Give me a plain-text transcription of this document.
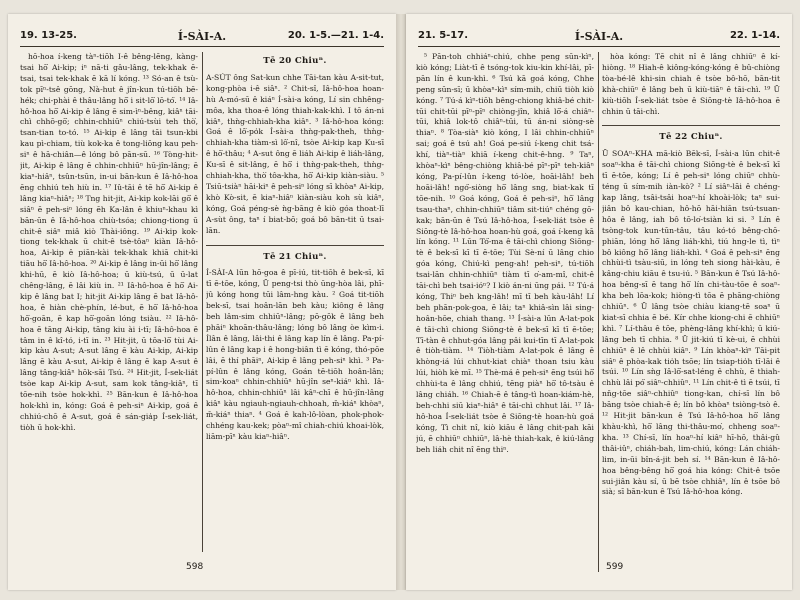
19. 13-25.	Í-SÀI-A.	20. 1-5.—21. 1-4.

hō-hoa í-keng tàⁿ-tiōh I-ê bêng-lēng, kàng-tsai hō͘ Ai-kip; iⁿ nā-ti gâu-lâng, tek-khak ē-tsai, tsai tek-khak ē kā lí kóng. ¹³ Só-an ê tsù-tok pīⁿ-tsê gōng, Nà-hut ê jîn-kun tú-tiōh bē-hék; chi-phài ê thâu-lâng hō͘ i sit-lō͘ lō-tó͘. ¹⁴ Iâ-hô-hoa hō͘ Ai-kip ê lâng ē sim-ìⁿ-bêng, kiâⁿ tāi-chì chhō-gō͘; chhin-chhiūⁿ chiú-tsùi teh thò͘, tsan-tian to-tó. ¹⁵ Ai-kip ê lâng tāi tsun-kbi kau pì-chiam, tiù kok-ka ê tong-liōng kau peh-siⁿ ê hā-chiân—ê lóng bô pān-sū. ¹⁶ Tòng-hit-jit, Ai-kip ê lâng ē chhin-chhiūⁿ hū-jîn-lâng; ē kiaⁿ-hiâⁿ, tsûn-tsūn, in-ui bān-kun ê Iâ-hô-hoa ēng chhiú teh hiù in. ¹⁷ Iû-tāi ê tē hō͘ Ai-kip ê lâng kiaⁿ-hiâⁿ; ¹⁸ Tng hit-jit, Ai-kip kok-lāi gō͘ ê siâⁿ ē peh-siⁿ lóng ēh Ka-lân ê khiuⁿ-khau kì bān-ūn ê Iâ-hô-hoa chiù-tsóa; chiong-tiong ū chit-ê siâⁿ miâ kiò Thài-iông. ¹⁹ Ai-kip kok-tiong tek-khak ū chit-ê tsè-tôaⁿ kiàn Iâ-hô-hoa, Ai-kip ê piān-kài tek-khak khiā chit-ki tiāu hō͘ Iâ-hô-hoa. ²⁰ Ai-kip ê lâng in-ūi hō͘ lâng khi-hū, ē kiò Iâ-hô-hoa; ū kiù-tsú, ū ū-lat chêng-lâng, ē lâi kiù in. ²¹ Iâ-hô-hoa ē hō͘ Ai-kip ê lâng bat I; hit-jit Ai-kip lâng ē bat Iâ-hô-hoa, ē hiàn chè-phín, lé-but, ē hō͘ Iâ-hô-hoa hō͘-goān, ē kap hō͘-goān lóng tsiàu. ²² Iâ-hô-hoa ē tāng Ai-kip, tāng kiu ài i-tī; Iâ-hô-hoa ē tâm in ê kî-tó, i-tī in. ²³ Hit-jit, ū tōa-lō͘ tùi Ai-kip kàu A-sut; A-sut lâng ē kàu Ai-kip, Ai-kip lâng ē kàu A-sut, Ai-kip ê lâng ē kap A-sut ê lâng tâng-kiâⁿ hōk-sāi Tsú. ²⁴ Hit-jit, Í-sek-liát tsòe kap Ai-kip A-sut, sam kok tâng-kiâⁿ, tī tōe-nih tsòe hok-khì. ²⁵ Bān-kun ê Iâ-hô-hoa hok-khì in, kóng: Goá ê peh-siⁿ Ai-kip, goá ê chhiú-chō ê A-sut, goá ê sán-gia̍p Í-sek-liát, tio̍h ū hok-khì.

Tē 20 Chiuⁿ.

A-SÚT ông Sat-kun chhe Tāi-tan kàu A-sit-tut, kong-phòa i-ê siâⁿ. ² Chit-sî, Iâ-hô-hoa hoan-hù A-mó-sū ê kiáⁿ Í-sài-a kóng, Lí sin chhêng-môa, kha thoa-ê lóng thiah-kak-khì. I tō án-ni kiâⁿ, thǹg-chhiah-kha kiâⁿ. ³ Iâ-hô-hoa kóng: Goá ê lô͘-po̍k Í-sài-a thǹg-pak-theh, thǹg-chhiah-kha tiàm-sì lô͘-nî, tsòe Ai-kip kap Ku-sī ê hō͘-thâu; ⁴ A-sut ông ē liáh Ai-kip ê liáh-lâng, Ku-sī ê sit-lâng, ē hō͘ i thǹg-pak-theh, thǹg-chhiah-kha, thò͘ tôa-kha, hō͘ Ai-kip kiàn-siàu. ⁵ Tsiū-tsiàⁿ hāi-kiⁿ ê peh-siⁿ lóng sī khòaⁿ Ai-kip, khò Kò-sit, ē kiaⁿ-hiâⁿ kiàn-siàu koh sù kiâⁿ, kóng, Goá péng-sè ǹg-bāng ê kiò góa thoat-lī A-sùt ông, taⁿ í biat-bō; goá bô bān-tit ū tsai-lān.

Tē 21 Chiuⁿ.

Í-SÀI-A lūn hō-goa ê pī-iú, tit-tiōh ê bek-sī, kī tī ē-tōe, kóng, Ū peng-tsi thò ūng-hòa lâi, phī-jû kóng hong tūi lâm-hng kàu. ² Goá tit-tiōh bek-sī, tsai hoân-lān beh kàu; kiông ê lâng beh lâm-sim chhiūⁿ-lâng; pō-gōk ê lâng beh phāiⁿ khoān-thâu-lâng; lóng bô lâng òe kìm-i. Ílân ê lâng, lâi-thi ê lâng kap lín ê lâng. Pa-pí-lûn ê lâng kap i ê hong-biân tì ē kóng, thó-pōe lâi, ē thí phāiⁿ, Ai-kip ê lâng peh-siⁿ khì. ³ Pa-pí-lûn ê lâng kóng, Goán tē-tiōh hoân-lân; sim-koaⁿ chhin-chhiūⁿ hū-jîn seⁿ-kiáⁿ khì. Iâ-hô-hoa, chhin-chhiūⁿ lâi kâⁿ-chī ê hū-jîn-lâng kiâⁿ kàu ngiauh-ngiauh-chhoah, m̄-kiáⁿ khòaⁿ, m̄-kiáⁿ thiaⁿ. ⁴ Goá ê kah-lô-lòan, phok-phok-chhéng kau-kek; pòaⁿ-mî chiah-chiú khoai-lòk, liām-pīⁿ kàu kiaⁿ-hiâⁿ.

598
21. 5-17.	Í-SÀI-A.	22. 1-14.

⁵ Pān-toh chhiáⁿ-chiú, chhe peng sūn-kìⁿ, kiò kóng; Liàt-tī ê tsóng-tok kiu-kin khí-lâi, pī-pān lín ê kun-khì. ⁶ Tsú kā goá kóng, Chhe peng sūn-sī; ū khòaⁿ-kìⁿ sím-mih, chiū tiòh kiò kóng. ⁷ Tú-á kìⁿ-tiōh bêng-chiong khiâ-bé chit-tūi chit-tūi pīⁿ-pīⁿ chiòng-jîn, khiâ lō͘-á chiâⁿ-tūi, khiâ lok-tô chiâⁿ-tūi, tū án-ni siòng-sè thiaⁿ. ⁸ Tòa-siàⁿ kiò kóng, I lâi chhin-chhiūⁿ sai; goá ê tsú ah! Goá pe-siú í-keng chit tsá-khí, tiàⁿ-tiàⁿ khiā í-keng chit-ê-hng. ⁹ Taⁿ, khòaⁿ-kìⁿ bêng-chiòng khiâ-bé pīⁿ-pīⁿ teh-kiâⁿ kóng, Pa-pí-lûn í-keng tó-lòe, hoāi-lâh! beh hoāi-lâh! ngó͘-siòng hō͘ lâng sng, biat-kak tī tōe-nih. ¹⁰ Goá kóng, Goá ê peh-siⁿ, hō͘ lâng tsau-thaⁿ, chhin-chhiūⁿ tiâm sit-tiúⁿ chéng gō-kak; bān-ūn ê Tsú Iâ-hô-hoa, Í-sek-liát tsòe ê Siōng-tè Iâ-hô-hoa hoan-hù goá, goá í-keng kā lín kóng. ¹¹ Lūn Tó͘-ma ê tāi-chì chiong Siōng-tè ê bek-sī kī tī ē-tōe; Tùi Sè-ní ū lâng chio góa kóng, Chiú-kì peng-ah! peh-siⁿ, tú-tiōh tsai-lān chhin-chhiūⁿ tiàm tī o͘-am-mî, chit-ê tāi-chì beh tsai-ióⁿ? I kiò án-ni ūng pái. ¹² Tú-á kóng, Thiⁿ beh kng-lâh! mī tī beh kàu-lâh! Lí beh phān-pok-goa, ē lâi; taⁿ khiâ-sìn lâi sing-hoân-hōe, chiah thang. ¹³ Í-sài-a lūn A-lat-pok ê tāi-chì chiong Siōng-tè ê bek-sī kī tī ē-tōe; Tī-tàn ê chhut-góa lâng pâi kui-tīn tī A-lat-pok ê tiòh-tiàm. ¹⁴ Tiòh-tiàm A-lat-pok ê lâng ē khòng-iá lúi chhut-kiat chiàⁿ thoan tsiu kàu lúi, hiòh kè mī. ¹⁵ Thè-má ê peh-siⁿ ēng tsúi hō͘ chhùi-ta ê lâng chhiú, tēng piàⁿ hō͘ tô-tsàu ê lâng chiáh. ¹⁶ Chiah-ē ê tâng-tì hoan-kiám-hè, beh-chhi siū kiaⁿ-hiâⁿ ê tāi-chì chhut lâi. ¹⁷ Iâ-hô-hoa Í-sek-liát tsòe ê Siōng-tè hoan-hù goá kóng, Tì chit nî, kiò kiāu ê lâng chit-pah kāi jú, ē chhiūⁿ chhiūⁿ, lâ-hè thiah-kak, ê kiú-lâng beh liáh chit nî ēng thiⁿ.

hòa kóng: Tē chit nî ê lâng chhiūⁿ ê kí-hiòng. ¹⁸ Hiah-ê kiông-kóng-kóng ê bû-chiòng tòa-bé-lê khi-sin chiah ê tsòe bô-hō, bān-tit khà-chiūⁿ ê lâng beh ū kiù-tiāⁿ ê tāi-chì. ¹⁹ Ū kiù-tiōh Í-sek-liát tsòe ê Siōng-tè Iâ-hô-hoa ē chhin ū tāi-chì.

Tē 22 Chiuⁿ.

Ū SOAⁿ-KHA mā-kiò Bēk-sī, Í-sài-a lūn chit-ê soaⁿ-kha ê tāi-chì chiong Siōng-tè ê bek-sī kī tī ē-tōe, kóng; Lí ê peh-siⁿ lóng chiūⁿ chhù-téng ū sím-mih iàn-kò? ² Lí siâⁿ-lāi ê chéng-kap lâng, tsâi-tsâi hoaⁿ-hí khoài-lòk; taⁿ sui-jiân bô kau-chian, hô-hō hāi-hiān tsú-tsuan-hôa ê lâng, iah bô tō-lo͘-tsiàn ki si. ³ Lín ê tsòng-tok kun-tūn-tâu, tâu kó-tó bêng-chō-phiān, lóng hō͘ lâng liáh-khì, tiú hng-le tì, tìⁿ bô kiông hō͘ lâng liáh-khì. ⁴ Goá ê peh-siⁿ ēng chhùi-tì tsàu-siū, in lóng teh siong hài-kàu, ē kâng-chiu kiāu ê tsu-iú. ⁵ Bān-kun ê Tsú Iâ-hô-hoa bêng-sī ē tang hō͘ lín chi-tàu-tōe ê soaⁿ-kha beh lōa-kok; hiòng-tì tōa ē phāng-chiòng chhiūⁿ. ⁶ Ū lâng tsòe chiàu kiang-tē soaⁿ ū kiat-sī chhia ē bé. Kír chhe kiong-chi ē chhiūⁿ khì. ⁷ Lí-thâu ê tōe, phèng-lâng khí-khì; ū kiú-lâng beh tī chhia. ⁸ Ū jit-kiú tī kè-ui, ē chhùi chhiūⁿ ê lê chhùi kiâⁿ. ⁹ Lín khòaⁿ-kìⁿ Tāi-pit siâⁿ ê phòa-kak tio̍h tsōe; lín tsiap-tio̍h tī-lāi ê tsúi. ¹⁰ Lín sǹg Iâ-lō͘-sat-léng ê chhù, ē thiah-chhù lâi pó͘ siâⁿ-chhiûⁿ. ¹¹ Lín chit-ê tì ē tsúi, tī nn̄g-tōe siâⁿ-chhiûⁿ tiong-kan, chí-sī lín bô bāng tsòe chiah-ē ê; lín bô khòaⁿ tsiòng-tsò ê. ¹² Hit-jit bān-kun ê Tsú Iâ-hô-hoa hō͘ lâng khàu-khì, hō͘ lâng thi-thâu-mo͘, chheng soaⁿ-kha. ¹³ Chí-sī, lín hoaⁿ-hí kiâⁿ hī-hō, thâi-gû thâi-iûⁿ, chiáh-bah, lim-chiú, kóng: Lán chiáh-lim, in-ūi bîn-á-jit beh sí. ¹⁴ Bān-kun ê Iâ-hô-hoa bêng-bêng hō͘ goá hia kóng: Chit-ê tsōe sui-jiân kàu sí, ū bē tsòe chhiâⁿ, lín ê tsōe bô sià; sī bān-kun ê Tsú Iâ-hô-hoa kóng.

599
